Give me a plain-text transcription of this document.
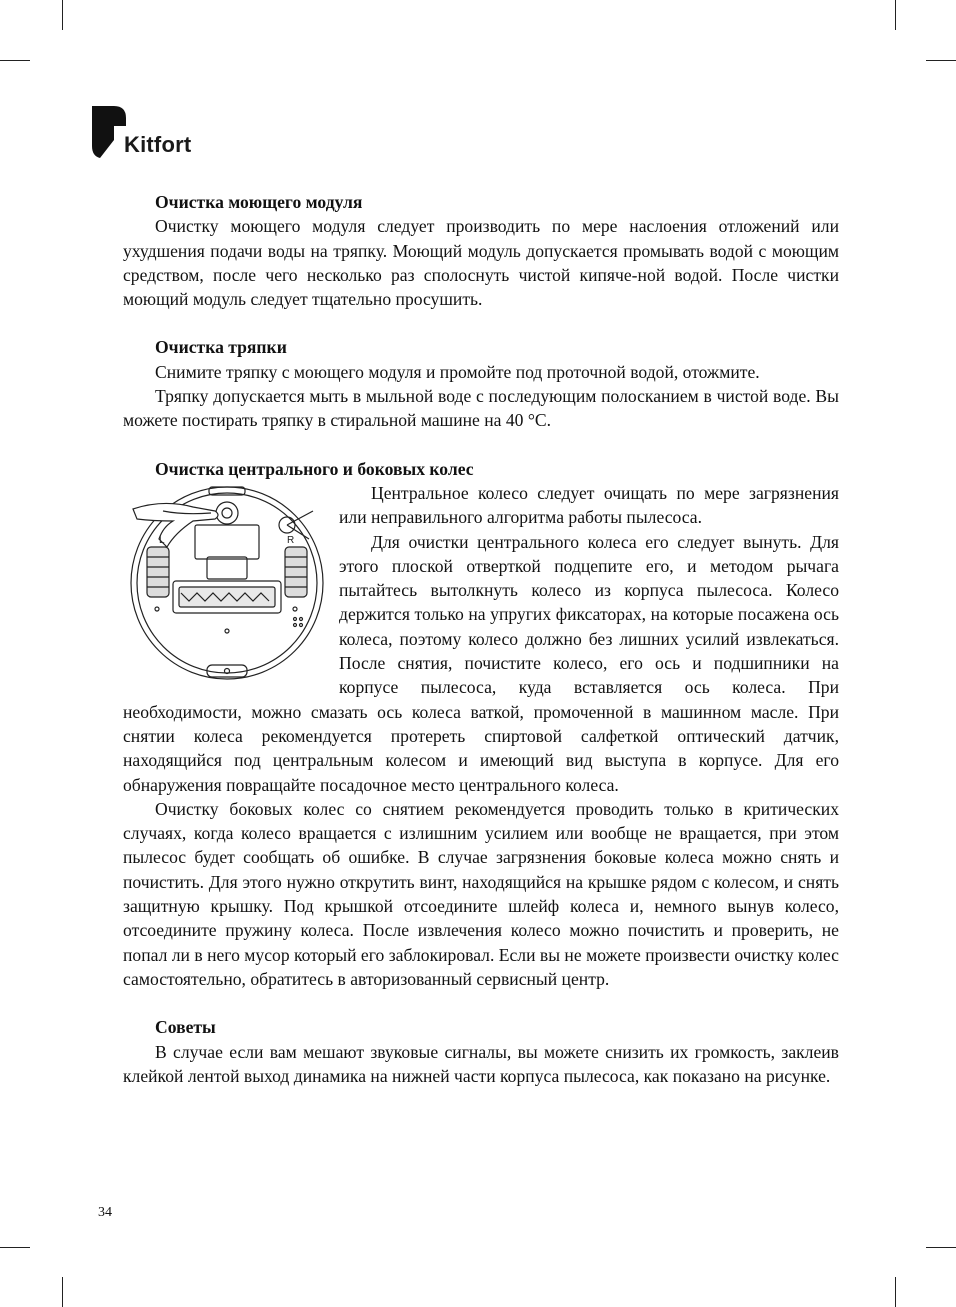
Kitfort
Очистка моющего модуля

Очистку моющего модуля следует производить по мере наслоения отложений или ухудшения подачи воды на тряпку. Моющий модуль допускается промывать водой с моющим средством, после чего несколько раз сполоснуть чистой кипяче-ной водой. После чистки моющий модуль следует тщательно просушить.

Очистка тряпки

Снимите тряпку с моющего модуля и промойте под проточной водой, отожмите.

Тряпку допускается мыть в мыльной воде с последующим полосканием в чистой воде. Вы можете постирать тряпку в стиральной машине на 40 °C.

Очистка центрального и боковых колес
L	R

Центральное колесо следует очищать по мере загрязнения или неправильного алгоритма работы пылесоса.

Для очистки центрального колеса его следует вынуть. Для этого плоской отверткой подцепите его, и методом рычага пытайтесь вытолкнуть колесо из корпуса пылесоса. Колесо держится только на упругих фиксаторах, на которые посажена ось колеса, поэтому колесо должно без лишних усилий извлекаться. После снятия, почистите колесо, его ось и подшипники на корпусе пылесоса, куда вставляется ось колеса. При необходимости, можно смазать ось колеса ваткой, промоченной в машинном масле. При снятии колеса рекомендуется протереть спиртовой салфеткой оптический датчик, находящийся под центральным колесом и имеющий вид выступа в корпусе. Для его обнаружения повращайте посадочное место центрального колеса.

Очистку боковых колес со снятием рекомендуется проводить только в критических случаях, когда колесо вращается с излишним усилием или вообще не вращается, при этом пылесос будет сообщать об ошибке. В случае загрязнения боковые колеса можно снять и почистить. Для этого нужно открутить винт, находящийся на крышке рядом с колесом, и снять защитную крышку. Под крышкой отсоедините шлейф колеса и, немного вынув колесо, отсоедините пружину колеса. После извлечения колесо можно почистить и проверить, не попал ли в него мусор который его заблокировал. Если вы не можете произвести очистку колес самостоятельно, обратитесь в авторизованный сервисный центр.

Советы

В случае если вам мешают звуковые сигналы, вы можете снизить их громкость, заклеив клейкой лентой выход динамика на нижней части корпуса пылесоса, как показано на рисунке.

34
